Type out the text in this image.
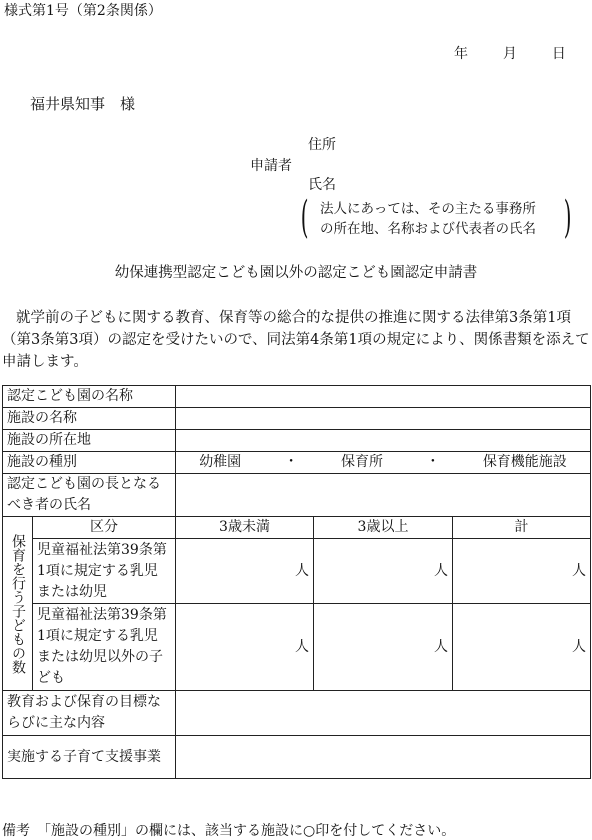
様式第1号（第2条関係）
年 月 日
福井県知事　様
住所
申請者
氏名
( 法人にあっては、その主たる事務所
の所在地、名称および代表者の氏名 )
幼保連携型認定こども園以外の認定こども園認定申請書
就学前の子どもに関する教育、保育等の総合的な提供の推進に関する法律第3条第1項（第3条第3項）の認定を受けたいので、同法第4条第1項の規定により、関係書類を添えて申請します。
認定こども園の名称				
施設の名称				
施設の所在地				
施設の種別		幼稚園 ・ 保育所 ・ 保育機能施設		
認定こども園の長となるべき者の氏名				
保育を行う子どもの数	区分	3歳未満	3歳以上	計
	児童福祉法第39条第1項に規定する乳児または幼児	人	人	人
	児童福祉法第39条第1項に規定する乳児または幼児以外の子ども	人	人	人
教育および保育の目標ならびに主な内容				
実施する子育て支援事業				
備考　「施設の種別」の欄には、該当する施設に○印を付してください。
